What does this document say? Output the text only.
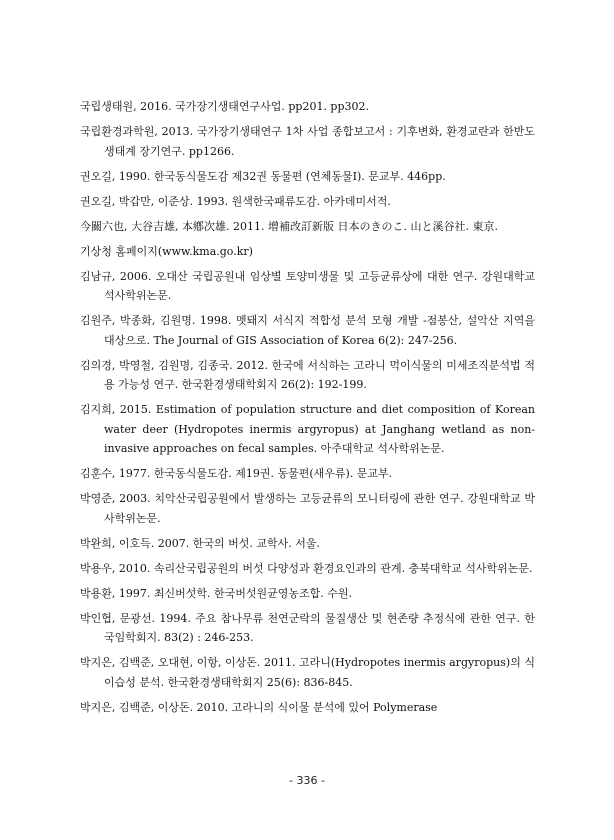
국립생태원, 2016. 국가장기생태연구사업. pp201. pp302.
국립환경과학원, 2013. 국가장기생태연구 1차 사업 종합보고서 : 기후변화, 환경교란과 한반도 생태계 장기연구. pp1266.
권오길, 1990. 한국동식물도감 제32권 동물편 (연체동물Ⅰ). 문교부. 446pp.
권오길, 박갑만, 이준상. 1993. 원색한국패류도감. 아카데미서적.
今關六也, 大谷吉雄, 本鄕次雄. 2011. 增補改訂新版 日本のきのこ. 山と溪谷社. 東京.
기상청 홈페이지(www.kma.go.kr)
김남규, 2006. 오대산 국립공원내 임상별 토양미생물 및 고등균류상에 대한 연구. 강원대학교 석사학위논문.
김원주, 박종화, 김원명. 1998. 멧돼지 서식지 적합성 분석 모형 개발 -점봉산, 설악산 지역을 대상으로. The Journal of GIS Association of Korea 6(2): 247-256.
김의경, 박영철, 김원명, 김종국. 2012. 한국에 서식하는 고라니 먹이식물의 미세조직분석법 적용 가능성 연구. 한국환경생태학회지 26(2): 192-199.
김지희, 2015. Estimation of population structure and diet composition of Korean water deer (Hydropotes inermis argyropus) at Janghang wetland as non-invasive approaches on fecal samples. 아주대학교 석사학위논문.
김훈수, 1977. 한국동식물도감. 제19권. 동물편(새우류). 문교부.
박영준, 2003. 치악산국립공원에서 발생하는 고등균류의 모니터링에 관한 연구. 강원대학교 박사학위논문.
박완희, 이호득. 2007. 한국의 버섯. 교학사. 서울.
박용우, 2010. 속리산국립공원의 버섯 다양성과 환경요인과의 관계. 충북대학교 석사학위논문.
박용환, 1997. 최신버섯학. 한국버섯원균영농조합. 수원.
박인협, 문광선. 1994. 주요 참나무류 천연군락의 물질생산 및 현존량 추정식에 관한 연구. 한국임학회지. 83(2) : 246-253.
박지은, 김백준, 오대현, 이항, 이상돈. 2011. 고라니(Hydropotes inermis argyropus)의 식이습성 분석. 한국환경생태학회지 25(6): 836-845.
박지은, 김백준, 이상돈. 2010. 고라니의 식이물 분석에 있어 Polymerase
- 336 -
